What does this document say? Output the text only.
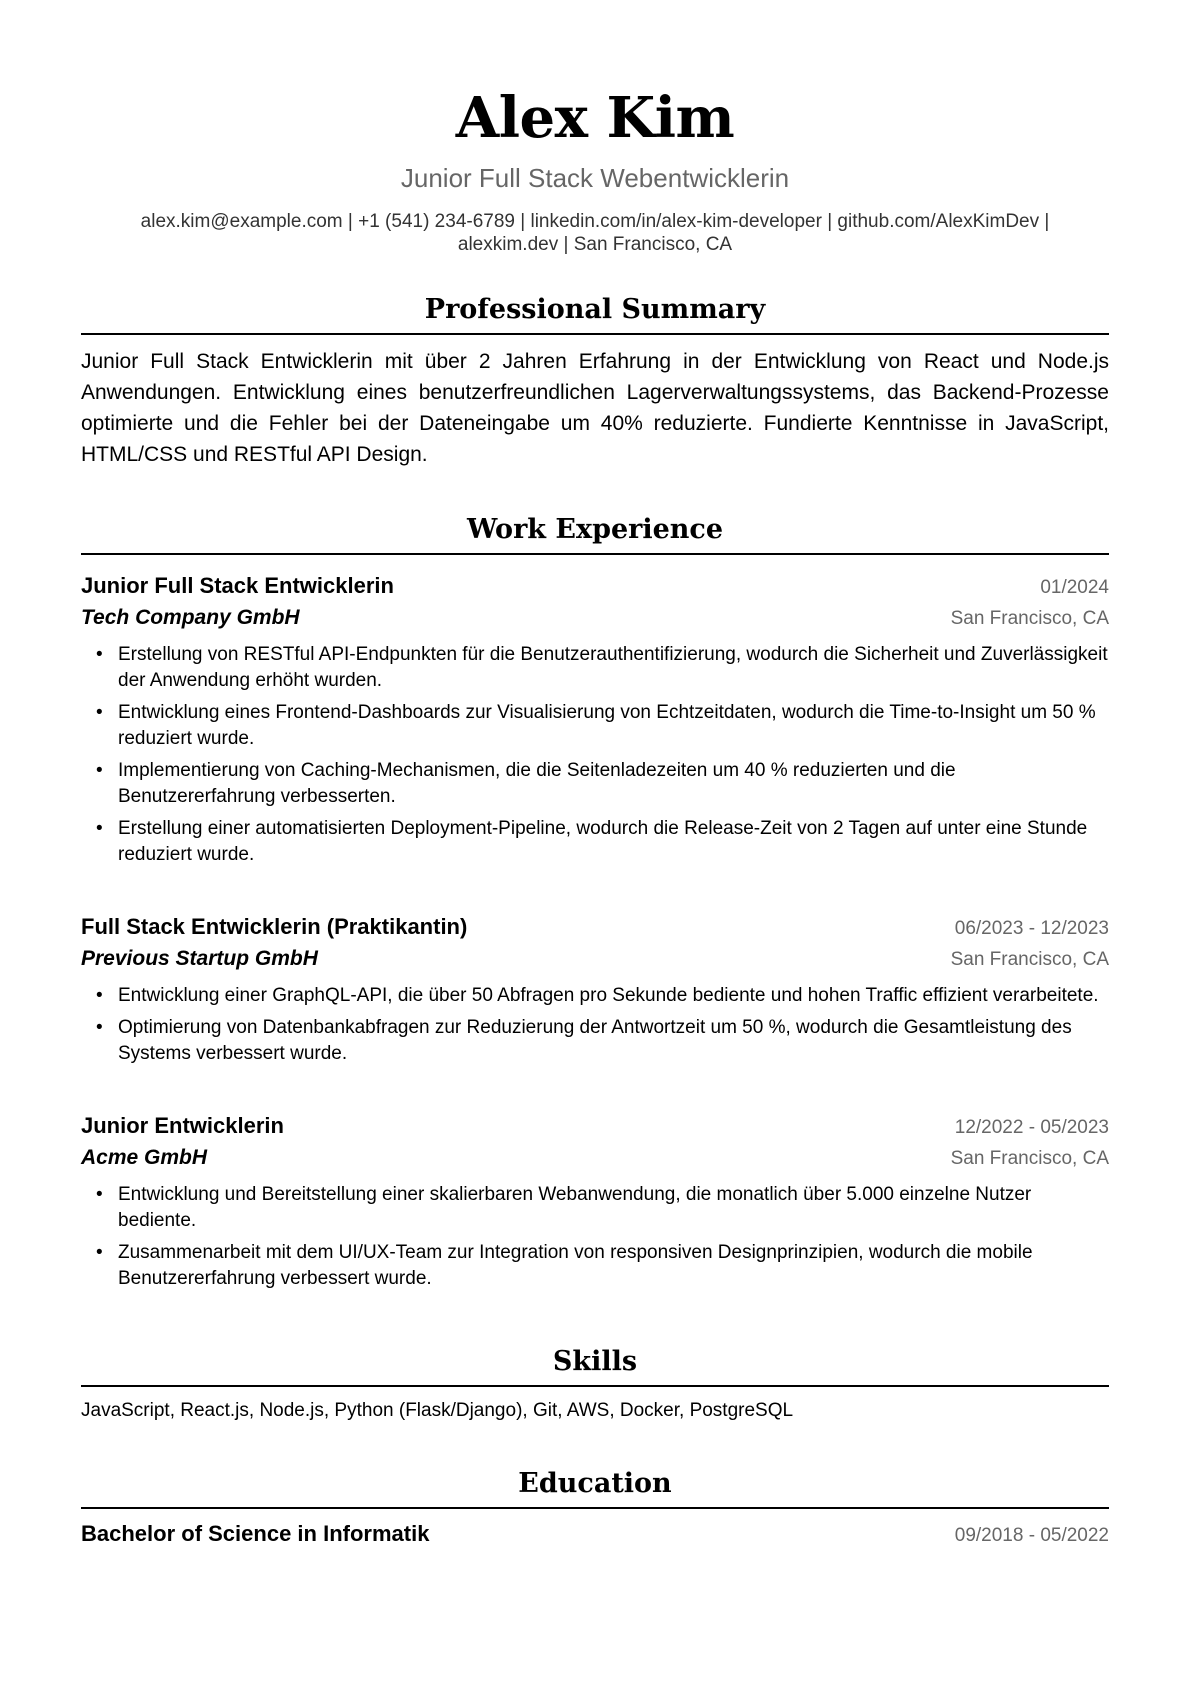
Alex Kim
Junior Full Stack Webentwicklerin
alex.kim@example.com | +1 (541) 234-6789 | linkedin.com/in/alex-kim-developer | github.com/AlexKimDev |
alexkim.dev | San Francisco, CA
Professional Summary
Junior Full Stack Entwicklerin mit über 2 Jahren Erfahrung in der Entwicklung von React und Node.js Anwendungen. Entwicklung eines benutzerfreundlichen Lagerverwaltungssystems, das Backend-Prozesse optimierte und die Fehler bei der Dateneingabe um 40% reduzierte. Fundierte Kenntnisse in JavaScript, HTML/CSS und RESTful API Design.
Work Experience
Junior Full Stack Entwicklerin	01/2024
Tech Company GmbH	San Francisco, CA
• Erstellung von RESTful API-Endpunkten für die Benutzerauthentifizierung, wodurch die Sicherheit und Zuverlässigkeit der Anwendung erhöht wurden.
• Entwicklung eines Frontend-Dashboards zur Visualisierung von Echtzeitdaten, wodurch die Time-to-Insight um 50 % reduziert wurde.
• Implementierung von Caching-Mechanismen, die die Seitenladezeiten um 40 % reduzierten und die Benutzererfahrung verbesserten.
• Erstellung einer automatisierten Deployment-Pipeline, wodurch die Release-Zeit von 2 Tagen auf unter eine Stunde reduziert wurde.
Full Stack Entwicklerin (Praktikantin)	06/2023 - 12/2023
Previous Startup GmbH	San Francisco, CA
• Entwicklung einer GraphQL-API, die über 50 Abfragen pro Sekunde bediente und hohen Traffic effizient verarbeitete.
• Optimierung von Datenbankabfragen zur Reduzierung der Antwortzeit um 50 %, wodurch die Gesamtleistung des Systems verbessert wurde.
Junior Entwicklerin	12/2022 - 05/2023
Acme GmbH	San Francisco, CA
• Entwicklung und Bereitstellung einer skalierbaren Webanwendung, die monatlich über 5.000 einzelne Nutzer bediente.
• Zusammenarbeit mit dem UI/UX-Team zur Integration von responsiven Designprinzipien, wodurch die mobile Benutzererfahrung verbessert wurde.
Skills
JavaScript, React.js, Node.js, Python (Flask/Django), Git, AWS, Docker, PostgreSQL
Education
Bachelor of Science in Informatik	09/2018 - 05/2022
